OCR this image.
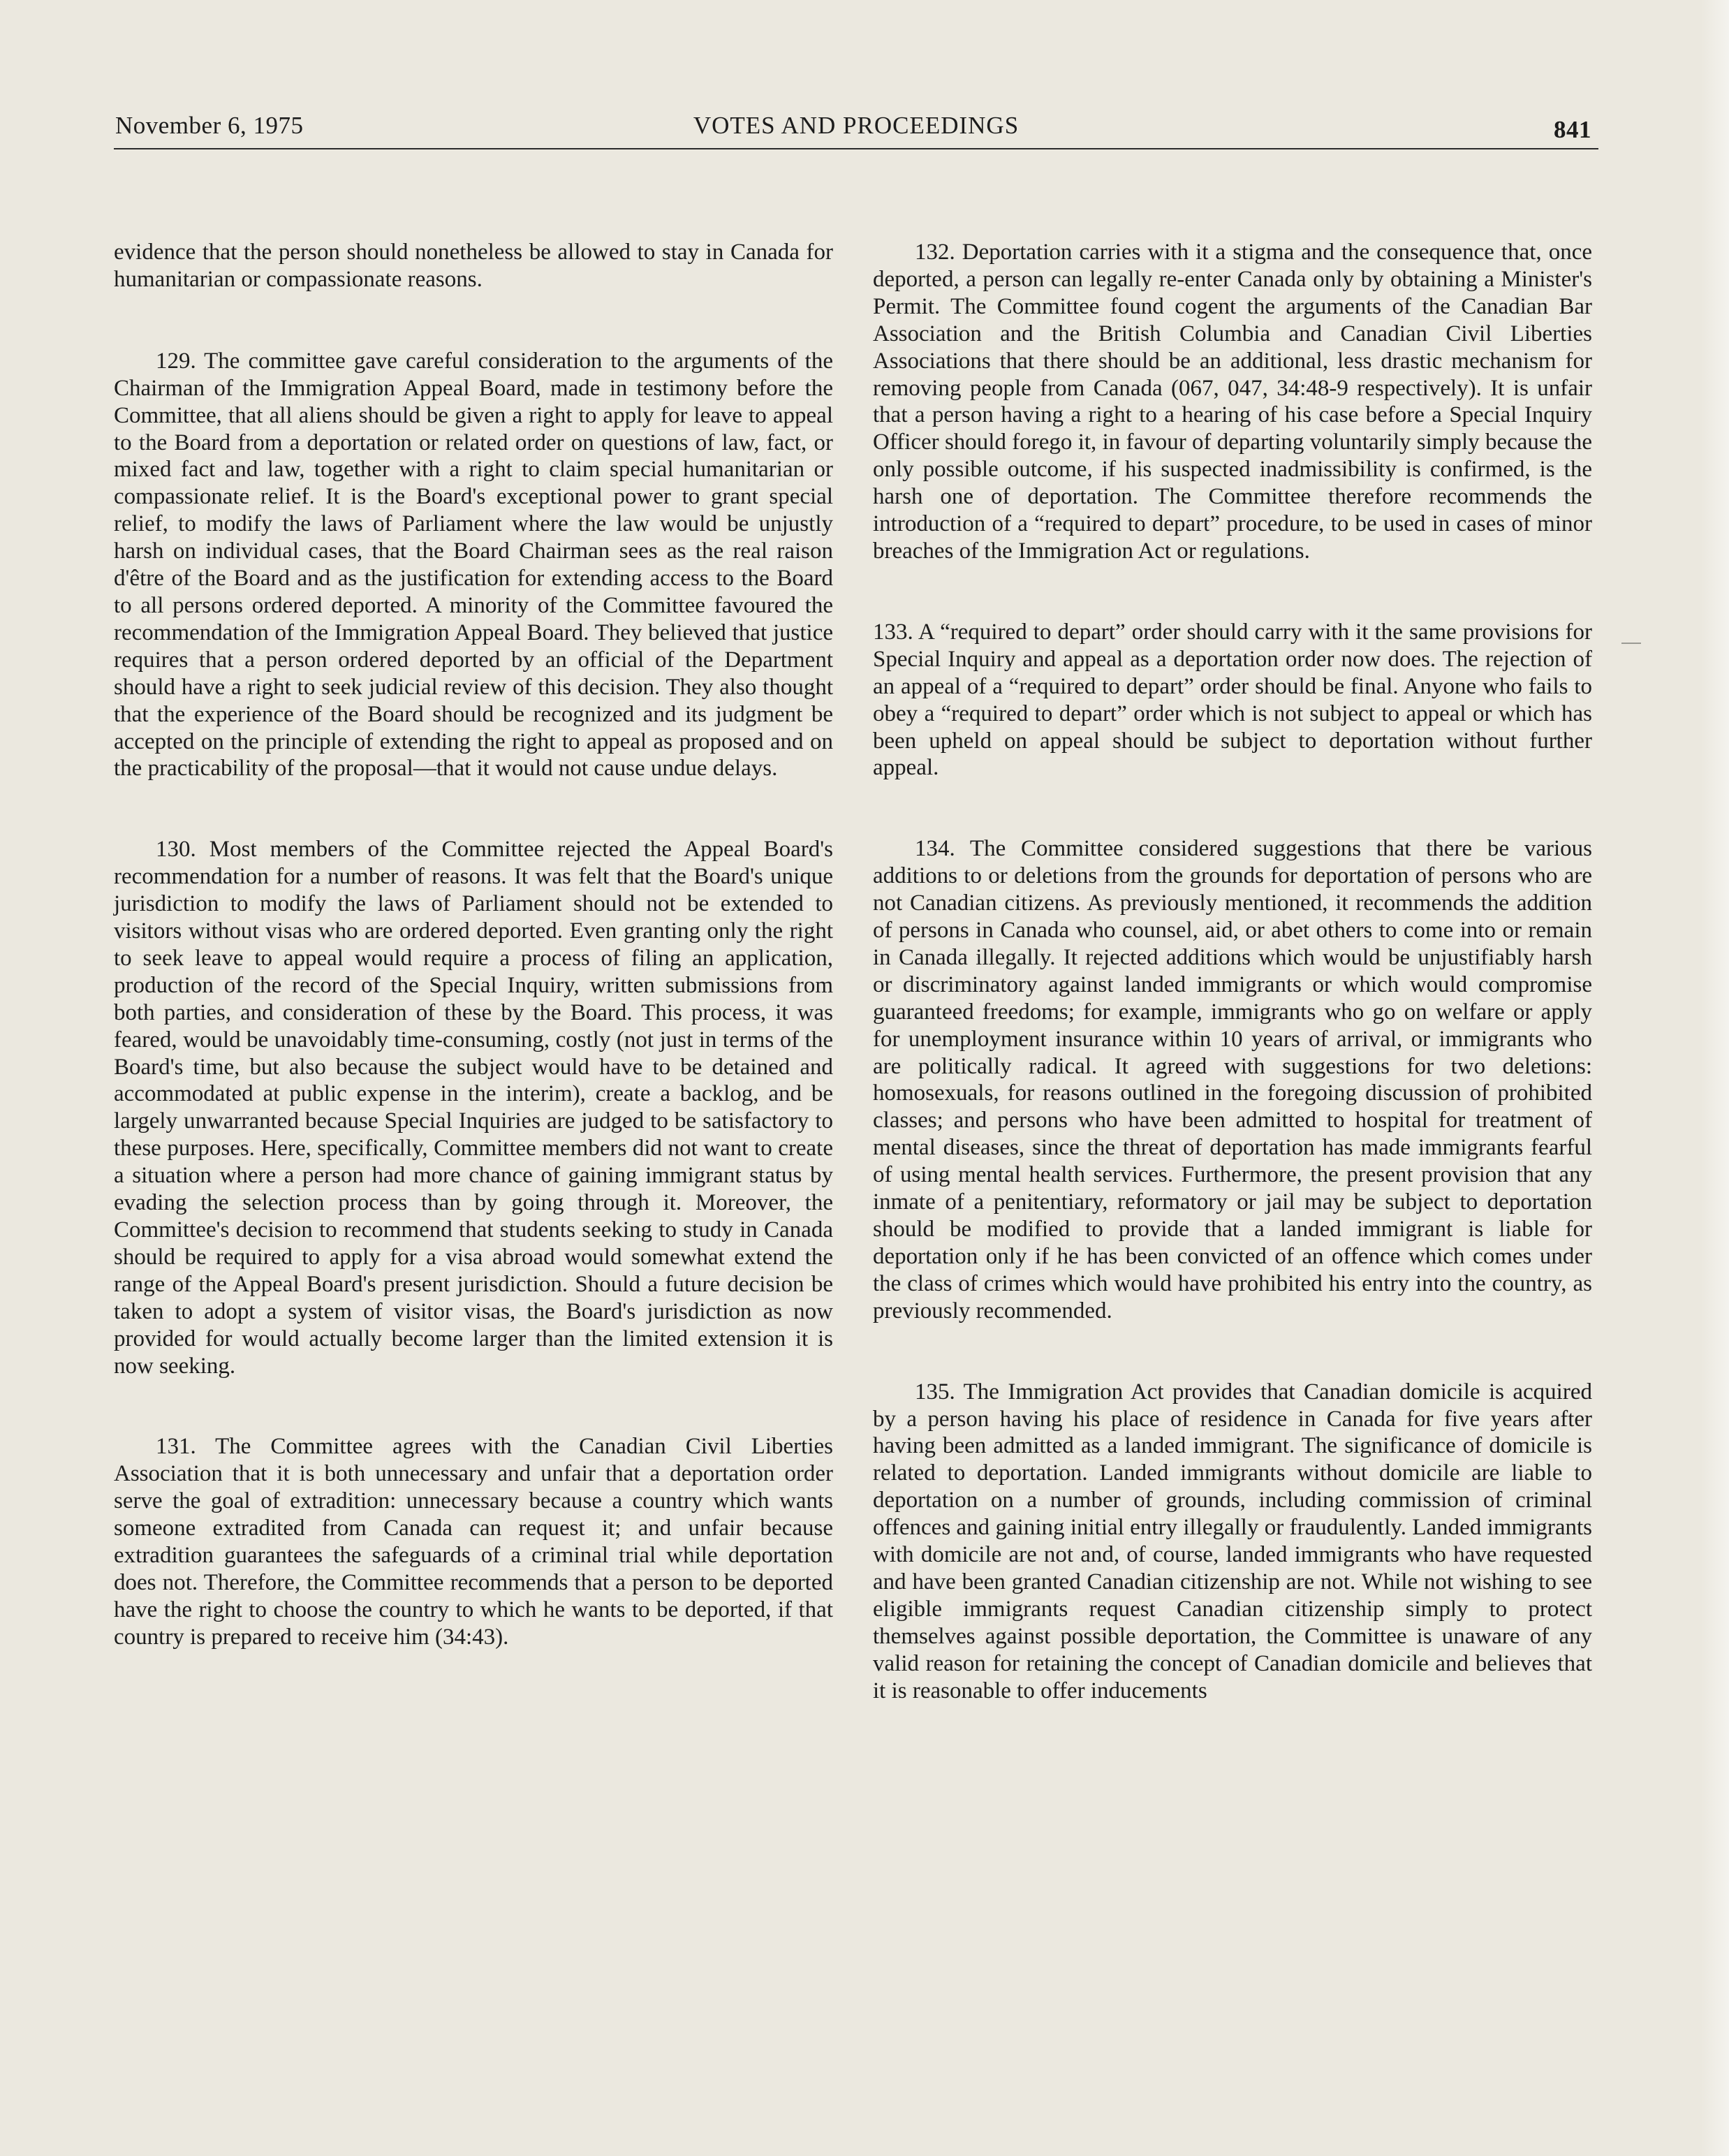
November 6, 1975	VOTES AND PROCEEDINGS	841

evidence that the person should nonetheless be allowed to stay in Canada for humanitarian or compassionate reasons.

129. The committee gave careful consideration to the arguments of the Chairman of the Immigration Appeal Board, made in testimony before the Committee, that all aliens should be given a right to apply for leave to appeal to the Board from a deportation or related order on questions of law, fact, or mixed fact and law, together with a right to claim special humanitarian or compassionate relief. It is the Board's exceptional power to grant special relief, to modify the laws of Parliament where the law would be unjustly harsh on individual cases, that the Board Chairman sees as the real raison d'être of the Board and as the justification for extending access to the Board to all persons ordered deported. A minority of the Committee favoured the recommendation of the Immigration Appeal Board. They believed that justice requires that a person ordered deported by an official of the Department should have a right to seek judicial review of this decision. They also thought that the experience of the Board should be recognized and its judgment be accepted on the principle of extending the right to appeal as proposed and on the practicability of the proposal—that it would not cause undue delays.

130. Most members of the Committee rejected the Appeal Board's recommendation for a number of reasons. It was felt that the Board's unique jurisdiction to modify the laws of Parliament should not be extended to visitors without visas who are ordered deported. Even granting only the right to seek leave to appeal would require a process of filing an application, production of the record of the Special Inquiry, written submissions from both parties, and consideration of these by the Board. This process, it was feared, would be unavoidably time-consuming, costly (not just in terms of the Board's time, but also because the subject would have to be detained and accommodated at public expense in the interim), create a backlog, and be largely unwarranted because Special Inquiries are judged to be satisfactory to these purposes. Here, specifically, Committee members did not want to create a situation where a person had more chance of gaining immigrant status by evading the selection process than by going through it. Moreover, the Committee's decision to recommend that students seeking to study in Canada should be required to apply for a visa abroad would somewhat extend the range of the Appeal Board's present jurisdiction. Should a future decision be taken to adopt a system of visitor visas, the Board's jurisdiction as now provided for would actually become larger than the limited extension it is now seeking.

131. The Committee agrees with the Canadian Civil Liberties Association that it is both unnecessary and unfair that a deportation order serve the goal of extradition: unnecessary because a country which wants someone extradited from Canada can request it; and unfair because extradition guarantees the safeguards of a criminal trial while deportation does not. Therefore, the Committee recommends that a person to be deported have the right to choose the country to which he wants to be deported, if that country is prepared to receive him (34:43).

132. Deportation carries with it a stigma and the consequence that, once deported, a person can legally re-enter Canada only by obtaining a Minister's Permit. The Committee found cogent the arguments of the Canadian Bar Association and the British Columbia and Canadian Civil Liberties Associations that there should be an additional, less drastic mechanism for removing people from Canada (067, 047, 34:48-9 respectively). It is unfair that a person having a right to a hearing of his case before a Special Inquiry Officer should forego it, in favour of departing voluntarily simply because the only possible outcome, if his suspected inadmissibility is confirmed, is the harsh one of deportation. The Committee therefore recommends the introduction of a “required to depart” procedure, to be used in cases of minor breaches of the Immigration Act or regulations.

133. A “required to depart” order should carry with it the same provisions for Special Inquiry and appeal as a deportation order now does. The rejection of an appeal of a “required to depart” order should be final. Anyone who fails to obey a “required to depart” order which is not subject to appeal or which has been upheld on appeal should be subject to deportation without further appeal.

134. The Committee considered suggestions that there be various additions to or deletions from the grounds for deportation of persons who are not Canadian citizens. As previously mentioned, it recommends the addition of persons in Canada who counsel, aid, or abet others to come into or remain in Canada illegally. It rejected additions which would be unjustifiably harsh or discriminatory against landed immigrants or which would compromise guaranteed freedoms; for example, immigrants who go on welfare or apply for unemployment insurance within 10 years of arrival, or immigrants who are politically radical. It agreed with suggestions for two deletions: homosexuals, for reasons outlined in the foregoing discussion of prohibited classes; and persons who have been admitted to hospital for treatment of mental diseases, since the threat of deportation has made immigrants fearful of using mental health services. Furthermore, the present provision that any inmate of a penitentiary, reformatory or jail may be subject to deportation should be modified to provide that a landed immigrant is liable for deportation only if he has been convicted of an offence which comes under the class of crimes which would have prohibited his entry into the country, as previously recommended.

135. The Immigration Act provides that Canadian domicile is acquired by a person having his place of residence in Canada for five years after having been admitted as a landed immigrant. The significance of domicile is related to deportation. Landed immigrants without domicile are liable to deportation on a number of grounds, including commission of criminal offences and gaining initial entry illegally or fraudulently. Landed immigrants with domicile are not and, of course, landed immigrants who have requested and have been granted Canadian citizenship are not. While not wishing to see eligible immigrants request Canadian citizenship simply to protect themselves against possible deportation, the Committee is unaware of any valid reason for retaining the concept of Canadian domicile and believes that it is reasonable to offer inducements
